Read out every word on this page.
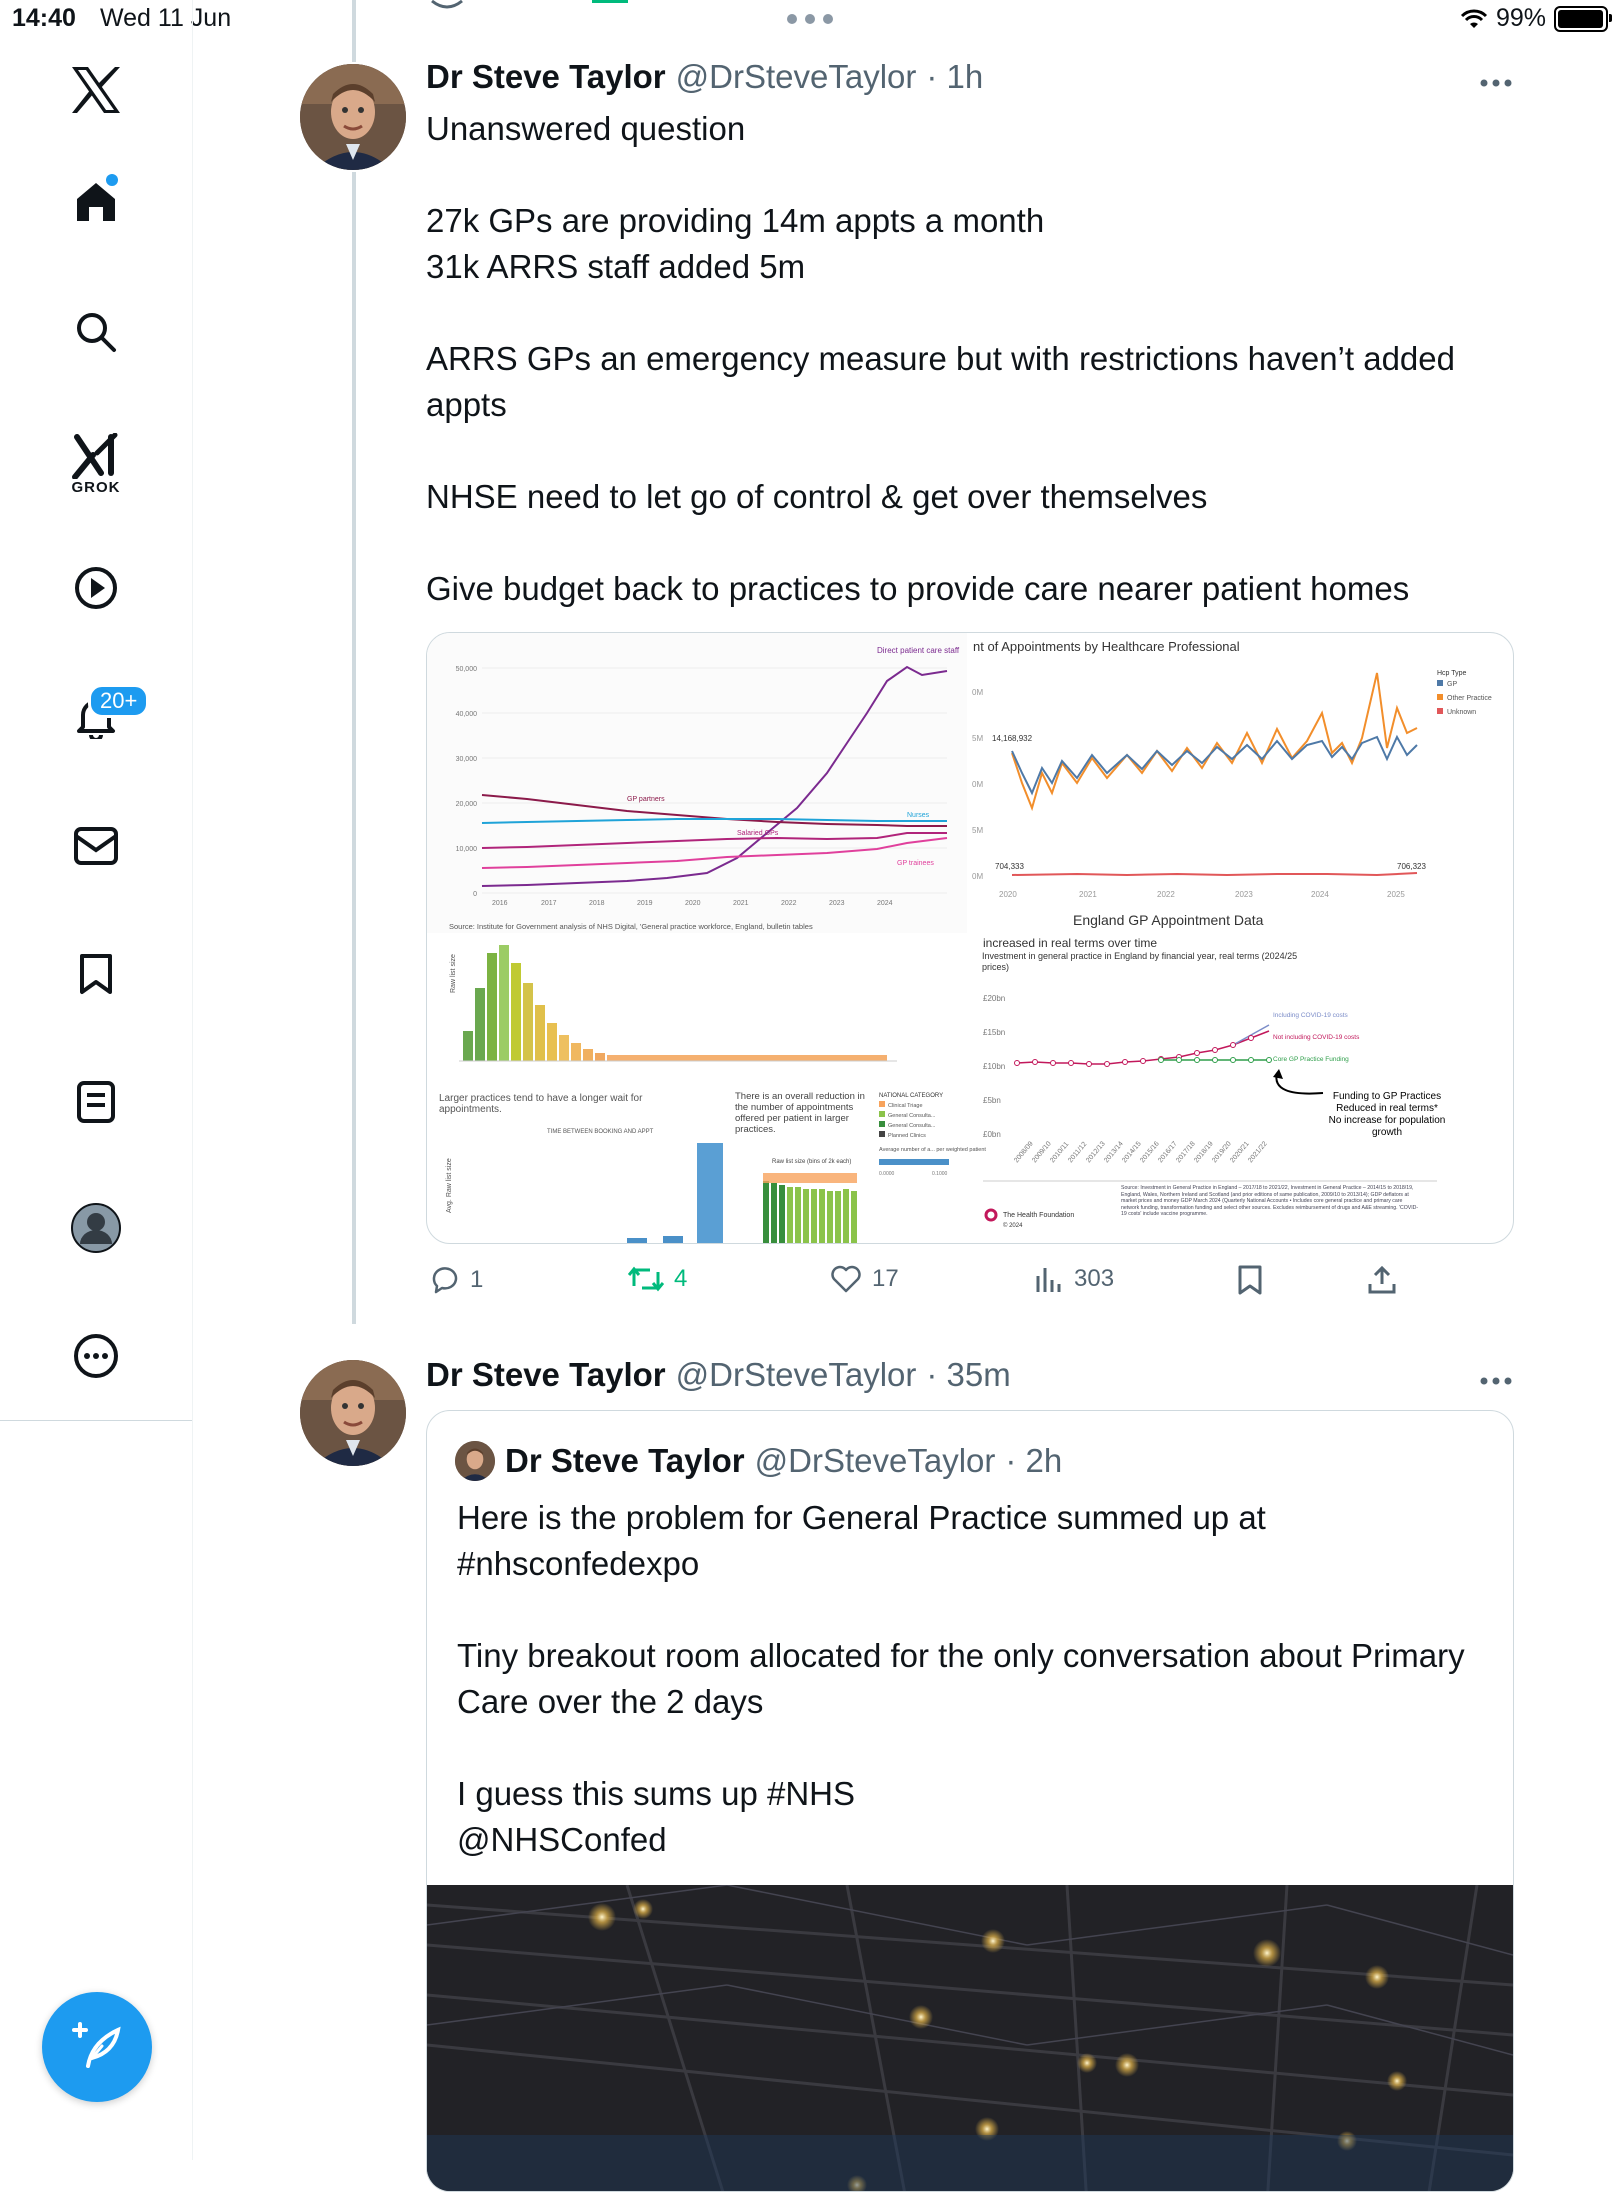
14:40 Wed 11 Jun	99%
GROK
20+
Dr Steve Taylor @DrSteveTaylor · 1h
Unanswered question

27k GPs are providing 14m appts a month
31k ARRS staff added 5m

ARRS GPs an emergency measure but with restrictions haven’t added appts

NHSE need to let go of control & get over themselves

Give budget back to practices to provide care nearer patient homes
Direct patient care staff
50,000
40,000
30,000
20,000
10,000
0
GP partners
Nurses
Salaried GPs
GP trainees
2016	2017	2018	2019	2020	2021	2022	2023	2024
Source: Institute for Government analysis of NHS Digital, 'General practice workforce, England, bulletin tables
nt of Appointments by Healthcare Professional
Hcp Type
GP
Other Practice
Unknown
0M
5M
0M
5M
0M
14,168,932
704,333	706,323
2020	2021	2022	2023	2024	2025
England GP Appointment Data
Raw list size
Larger practices tend to have a longer wait for appointments.
TIME BETWEEN BOOKING AND APPT
Avg. Raw list size
There is an overall reduction in the number of appointments offered per patient in larger practices.
NATIONAL CATEGORY
Clinical Triage
General Consulta...
General Consulta...
Planned Clinics
Average number of a... per weighted patient
0.0000	0.1000
Raw list size (bins of 2k each)
increased in real terms over time
Investment in general practice in England by financial year, real terms (2024/25 prices)
£20bn
£15bn
£10bn
£5bn
£0bn
Including COVID-19 costs
Not including COVID-19 costs
Core GP Practice Funding
Funding to GP Practices
Reduced in real terms*
No increase for population
growth
2008/09
2009/10
2010/11
2011/12
2012/13
2013/14
2014/15
2015/16
2016/17
2017/18
2018/19
2019/20
2020/21
2021/22
The Health Foundation
© 2024
Source: Investment in General Practice in England – 2017/18 to 2021/22, Investment in General Practice – 2014/15 to 2018/19, England, Wales, Northern Ireland and Scotland (and prior editions of same publication, 2009/10 to 2013/14); GDP deflators at market prices and money GDP March 2024 (Quarterly National Accounts • Includes core general practice and primary care network funding, transformation funding and select other sources. Excludes reimbursement of drugs and A&E streaming. 'COVID-19 costs' include vaccine programme.
1	4	17	303
Dr Steve Taylor @DrSteveTaylor · 35m
Dr Steve Taylor @DrSteveTaylor · 2h
Here is the problem for General Practice summed up at #nhsconfedexpo

Tiny breakout room allocated for the only conversation about Primary Care over the 2 days

I guess this sums up #NHS
@NHSConfed
